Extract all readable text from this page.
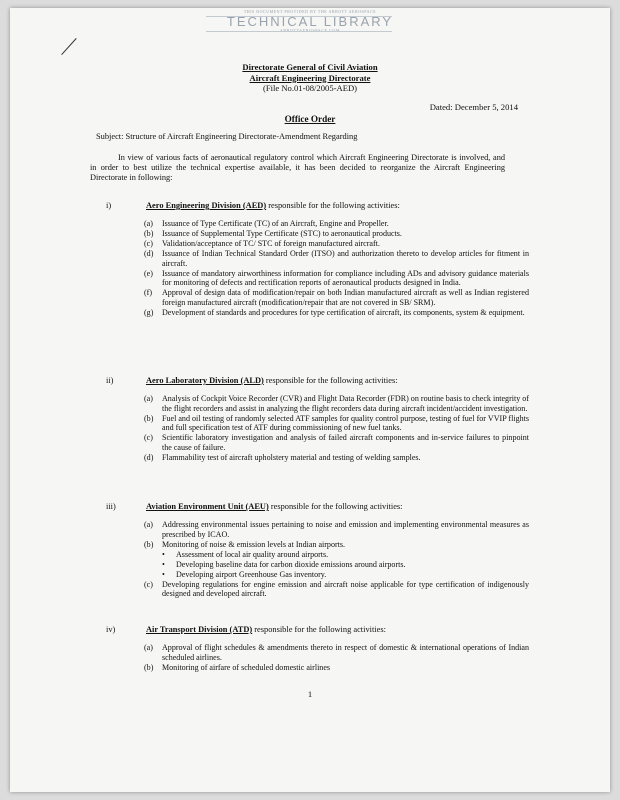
THIS DOCUMENT PROVIDED BY THE ABBOTT AEROSPACE
TECHNICAL LIBRARY
ABBOTTAEROSPACE.COM
Directorate General of Civil Aviation
Aircraft Engineering Directorate
(File No.01-08/2005-AED)
Dated: December 5, 2014
Office Order
Subject: Structure of Aircraft Engineering Directorate-Amendment Regarding
In view of various facts of aeronautical regulatory control which Aircraft Engineering Directorate is involved, and in order to best utilize the technical expertise available, it has been decided to reorganize the Aircraft Engineering Directorate in following:
i)	Aero Engineering Division (AED) responsible for the following activities:
(a) Issuance of Type Certificate (TC) of an Aircraft, Engine and Propeller.
(b) Issuance of Supplemental Type Certificate (STC) to aeronautical products.
(c) Validation/acceptance of TC/ STC of foreign manufactured aircraft.
(d) Issuance of Indian Technical Standard Order (ITSO) and authorization thereto to develop articles for fitment in aircraft.
(e) Issuance of mandatory airworthiness information for compliance including ADs and advisory guidance materials for monitoring of defects and rectification reports of aeronautical products designed in India.
(f) Approval of design data of modification/repair on both Indian manufactured aircraft as well as Indian registered foreign manufactured aircraft (modification/repair that are not covered in SB/ SRM).
(g) Development of standards and procedures for type certification of aircraft, its components, system & equipment.
ii)	Aero Laboratory Division (ALD) responsible for the following activities:
(a) Analysis of Cockpit Voice Recorder (CVR) and Flight Data Recorder (FDR) on routine basis to check integrity of the flight recorders and assist in analyzing the flight recorders data during aircraft incident/accident investigation.
(b) Fuel and oil testing of randomly selected ATF samples for quality control purpose, testing of fuel for VVIP flights and full specification test of ATF during commissioning of new fuel tanks.
(c) Scientific laboratory investigation and analysis of failed aircraft components and in-service failures to pinpoint the cause of failure.
(d) Flammability test of aircraft upholstery material and testing of welding samples.
iii)	Aviation Environment Unit (AEU) responsible for the following activities:
(a) Addressing environmental issues pertaining to noise and emission and implementing environmental measures as prescribed by ICAO.
(b) Monitoring of noise & emission levels at Indian airports.
• Assessment of local air quality around airports.
• Developing baseline data for carbon dioxide emissions around airports.
• Developing airport Greenhouse Gas inventory.
(c) Developing regulations for engine emission and aircraft noise applicable for type certification of indigenously designed and developed aircraft.
iv)	Air Transport Division (ATD) responsible for the following activities:
(a) Approval of flight schedules & amendments thereto in respect of domestic & international operations of Indian scheduled airlines.
(b) Monitoring of airfare of scheduled domestic airlines
1
